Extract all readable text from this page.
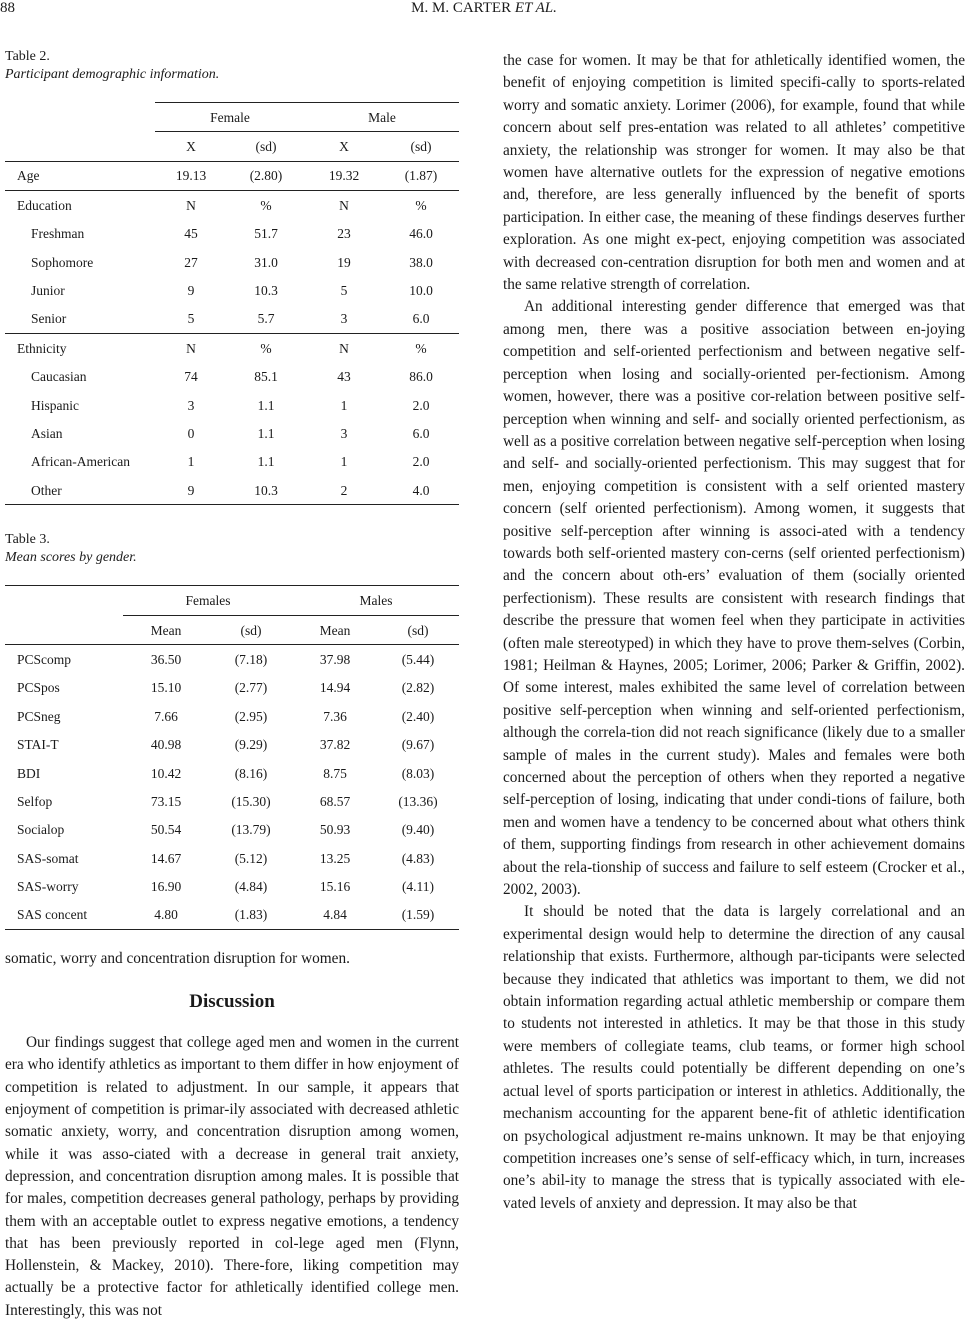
88	M. M. CARTER ET AL.

Table 2.

Participant demographic information.

	Female		Male	
	X	(sd)	X	(sd)
Age	19.13	(2.80)	19.32	(1.87)
Education	N	%	N	%
Freshman	45	51.7	23	46.0
Sophomore	27	31.0	19	38.0
Junior	9	10.3	5	10.0
Senior	5	5.7	3	6.0
Ethnicity	N	%	N	%
Caucasian	74	85.1	43	86.0
Hispanic	3	1.1	1	2.0
Asian	0	1.1	3	6.0
African-American	1	1.1	1	2.0
Other	9	10.3	2	4.0

Table 3.

Mean scores by gender.

	Females		Males	
	Mean	(sd)	Mean	(sd)
PCScomp	36.50	(7.18)	37.98	(5.44)
PCSpos	15.10	(2.77)	14.94	(2.82)
PCSneg	7.66	(2.95)	7.36	(2.40)
STAI-T	40.98	(9.29)	37.82	(9.67)
BDI	10.42	(8.16)	8.75	(8.03)
Selfop	73.15	(15.30)	68.57	(13.36)
Socialop	50.54	(13.79)	50.93	(9.40)
SAS-somat	14.67	(5.12)	13.25	(4.83)
SAS-worry	16.90	(4.84)	15.16	(4.11)
SAS concent	4.80	(1.83)	4.84	(1.59)

somatic, worry and concentration disruption for women.

Discussion

Our findings suggest that college aged men and women in the current era who identify athletics as important to them differ in how enjoyment of competition is related to adjustment. In our sample, it appears that enjoyment of competition is primar-ily associated with decreased athletic somatic anxiety, worry, and concentration disruption among women, while it was asso-ciated with a decrease in general trait anxiety, depression, and concentration disruption among males. It is possible that for males, competition decreases general pathology, perhaps by providing them with an acceptable outlet to express negative emotions, a tendency that has been previously reported in col-lege aged men (Flynn, Hollenstein, & Mackey, 2010). There-fore, liking competition may actually be a protective factor for athletically identified college men. Interestingly, this was not

the case for women. It may be that for athletically identified women, the benefit of enjoying competition is limited specifi-cally to sports-related worry and somatic anxiety. Lorimer (2006), for example, found that while concern about self pres-entation was related to all athletes’ competitive anxiety, the relationship was stronger for women. It may also be that women have alternative outlets for the expression of negative emotions and, therefore, are less generally influenced by the benefit of sports participation. In either case, the meaning of these findings deserves further exploration. As one might ex-pect, enjoying competition was associated with decreased con-centration disruption for both men and women and at the same relative strength of correlation.

An additional interesting gender difference that emerged was that among men, there was a positive association between en-joying competition and self-oriented perfectionism and between negative self-perception when losing and socially-oriented per-fectionism. Among women, however, there was a positive cor-relation between positive self-perception when winning and self- and socially oriented perfectionism, as well as a positive correlation between negative self-perception when losing and self- and socially-oriented perfectionism. This may suggest that for men, enjoying competition is consistent with a self oriented mastery concern (self oriented perfectionism). Among women, it suggests that positive self-perception after winning is associ-ated with a tendency towards both self-oriented mastery con-cerns (self oriented perfectionism) and the concern about oth-ers’ evaluation of them (socially oriented perfectionism). These results are consistent with research findings that describe the pressure that women feel when they participate in activities (often male stereotyped) in which they have to prove them-selves (Corbin, 1981; Heilman & Haynes, 2005; Lorimer, 2006; Parker & Griffin, 2002). Of some interest, males exhibited the same level of correlation between positive self-perception when winning and self-oriented perfectionism, although the correla-tion did not reach significance (likely due to a smaller sample of males in the current study). Males and females were both concerned about the perception of others when they reported a negative self-perception of losing, indicating that under condi-tions of failure, both men and women have a tendency to be concerned about what others think of them, supporting findings from research in other achievement domains about the rela-tionship of success and failure to self esteem (Crocker et al., 2002, 2003).

It should be noted that the data is largely correlational and an experimental design would help to determine the direction of any causal relationship that exists. Furthermore, although par-ticipants were selected because they indicated that athletics was important to them, we did not obtain information regarding actual athletic membership or compare them to students not interested in athletics. It may be that those in this study were members of collegiate teams, club teams, or former high school athletes. The results could potentially be different depending on one’s actual level of sports participation or interest in athletics. Additionally, the mechanism accounting for the apparent bene-fit of athletic identification on psychological adjustment re-mains unknown. It may be that enjoying competition increases one’s sense of self-efficacy which, in turn, increases one’s abil-ity to manage the stress that is typically associated with ele-vated levels of anxiety and depression. It may also be that
